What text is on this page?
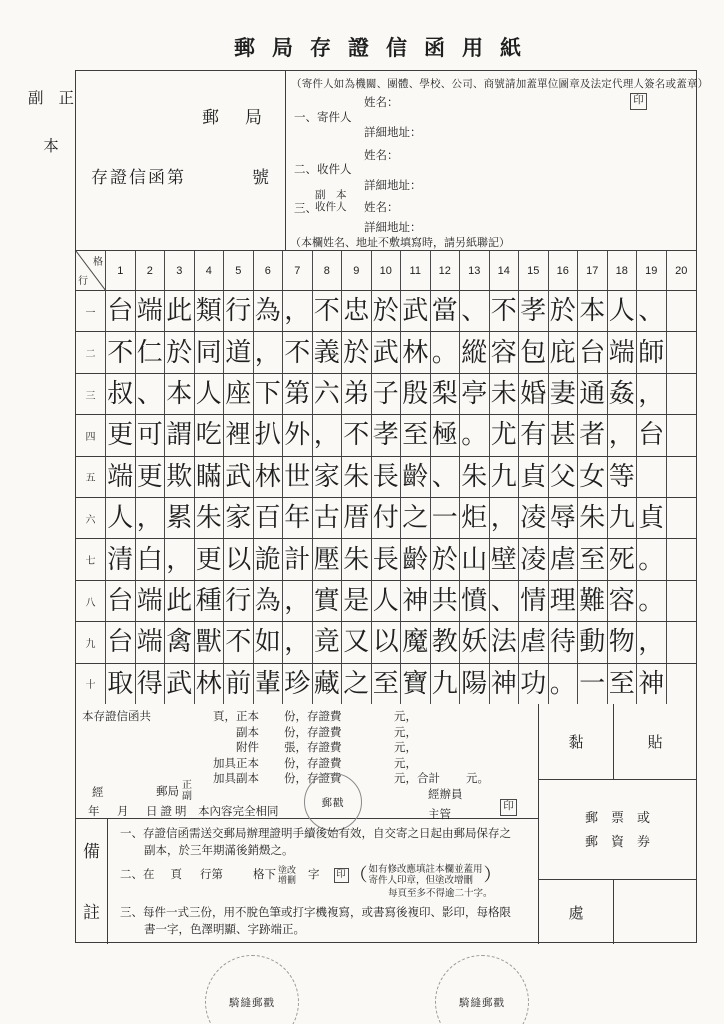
郵局存證信函用紙
副 正
本
郵局
存證信函第	號
（寄件人如為機關、團體、學校、公司、商號請加蓋單位圖章及法定代理人簽名或蓋章）
印
姓名：
一、寄件人
詳細地址：
姓名：
二、收件人
詳細地址：
三、
副　本
收件人 姓名：
詳細地址：
（本欄姓名、地址不敷填寫時，請另紙聯記）
格
行
1	2	3	4	5	6	7	8	9	10	11	12	13	14	15	16	17	18	19	20
一 台 端 此 類 行 為 ， 不 忠 於 武 當 、 不 孝 於 本 人 、
二 不 仁 於 同 道 ， 不 義 於 武 林 。 縱 容 包 庇 台 端 師
三 叔 、 本 人 座 下 第 六 弟 子 殷 梨 亭 未 婚 妻 通 姦 ，
四 更 可 謂 吃 裡 扒 外 ， 不 孝 至 極 。 尤 有 甚 者 ， 台
五 端 更 欺 瞞 武 林 世 家 朱 長 齡 、 朱 九 貞 父 女 等
六 人 ， 累 朱 家 百 年 古 厝 付 之 一 炬 ， 凌 辱 朱 九 貞
七 清 白 ， 更 以 詭 計 壓 朱 長 齡 於 山 壁 凌 虐 至 死 。
八 台 端 此 種 行 為 ， 實 是 人 神 共 憤 、 情 理 難 容 。
九 台 端 禽 獸 不 如 ， 竟 又 以 魔 教 妖 法 虐 待 動 物 ，
十 取 得 武 林 前 輩 珍 藏 之 至 寶 九 陽 神 功 。 一 至 神
本存證信函共	頁，正本 份，存證費	元，
副本 份，存證費	元，
附件 張，存證費	元，
加具正本 份，存證費	元，
加具副本 份，存證費	元，合計 元。
經
年　月　日證明
郵局
正
副
本內容完全相同
郵戳
經辦員
主管
印
備
註
一、存證信函需送交郵局辦理證明手續後始有效，自交寄之日起由郵局保存之
副本，於三年期滿後銷燬之。
二、在 頁 行第	格下 塗改
增刪 字 印 （ 如有修改應填註本欄並蓋用
寄件人印章，但塗改增刪 ）
每頁至多不得逾二十字。
三、每件一式三份，用不脫色筆或打字機複寫，或書寫後複印、影印，每格限
書一字，色澤明顯、字跡端正。
黏	貼
郵　票　或
郵　資　券
處
騎縫郵戳	騎縫郵戳
